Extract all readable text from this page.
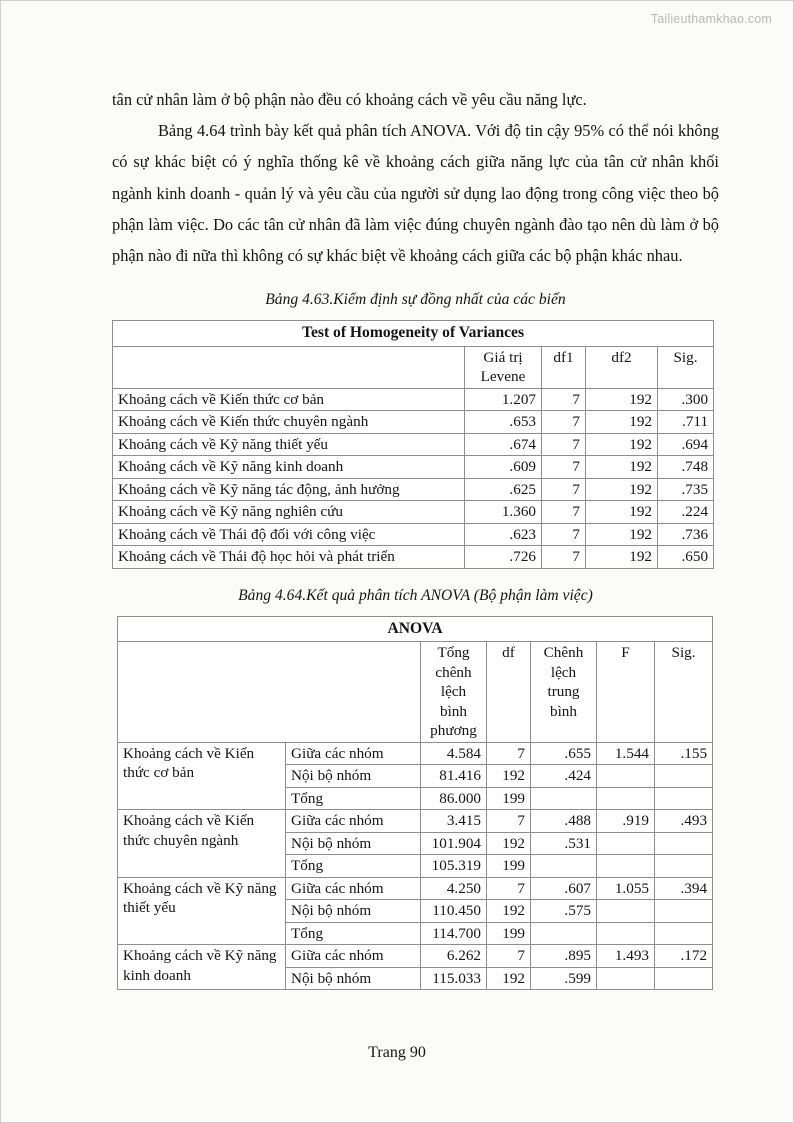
Tailieuthamkhao.com

tân cử nhân làm ở bộ phận nào đều có khoảng cách về yêu cầu năng lực.

Bảng 4.64 trình bày kết quả phân tích ANOVA. Với độ tin cậy 95% có thể nói không có sự khác biệt có ý nghĩa thống kê về khoảng cách giữa năng lực của tân cử nhân khối ngành kinh doanh - quản lý và yêu cầu của người sử dụng lao động trong công việc theo bộ phận làm việc. Do các tân cử nhân đã làm việc đúng chuyên ngành đào tạo nên dù làm ở bộ phận nào đi nữa thì không có sự khác biệt về khoảng cách giữa các bộ phận khác nhau.

Bảng 4.63.Kiểm định sự đồng nhất của các biến
Test of Homogeneity of Variances				
	Giá trị Levene	df1	df2	Sig.
Khoảng cách về Kiến thức cơ bản	1.207	7	192	.300
Khoảng cách về Kiến thức chuyên ngành	.653	7	192	.711
Khoảng cách về Kỹ năng thiết yếu	.674	7	192	.694
Khoảng cách về Kỹ năng kinh doanh	.609	7	192	.748
Khoảng cách về Kỹ năng tác động, ảnh hưởng	.625	7	192	.735
Khoảng cách về Kỹ năng nghiên cứu	1.360	7	192	.224
Khoảng cách về Thái độ đối với công việc	.623	7	192	.736
Khoảng cách về Thái độ học hỏi và phát triển	.726	7	192	.650
Bảng 4.64.Kết quả phân tích ANOVA (Bộ phận làm việc)
ANOVA						
		Tổng chênh lệch bình phương	df	Chênh lệch trung bình	F	Sig.
Khoảng cách về Kiến thức cơ bản	Giữa các nhóm	4.584	7	.655	1.544	.155
	Nội bộ nhóm	81.416	192	.424		
	Tổng	86.000	199			
Khoảng cách về Kiến thức chuyên ngành	Giữa các nhóm	3.415	7	.488	.919	.493
	Nội bộ nhóm	101.904	192	.531		
	Tổng	105.319	199			
Khoảng cách về Kỹ năng thiết yếu	Giữa các nhóm	4.250	7	.607	1.055	.394
	Nội bộ nhóm	110.450	192	.575		
	Tổng	114.700	199			
Khoảng cách về Kỹ năng kinh doanh	Giữa các nhóm	6.262	7	.895	1.493	.172
	Nội bộ nhóm	115.033	192	.599		
Trang 90
